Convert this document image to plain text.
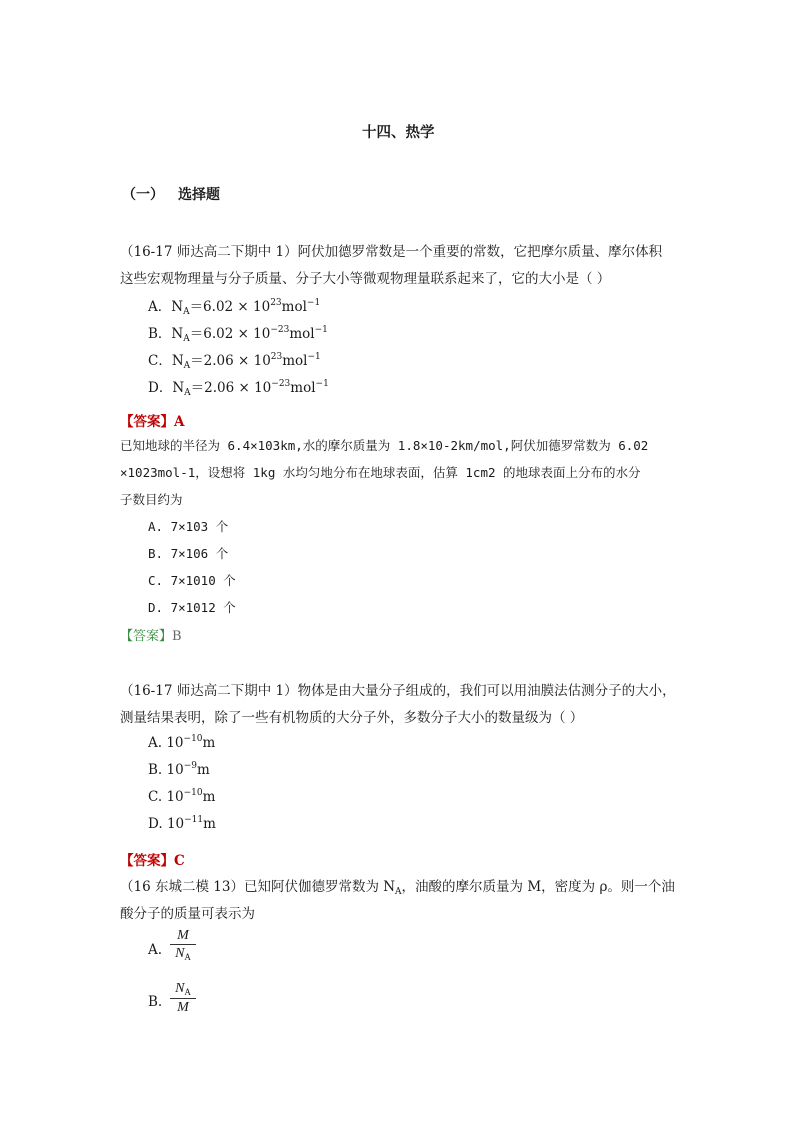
十四、热学
（一） 选择题
（16-17 师达高二下期中 1）阿伏加德罗常数是一个重要的常数，它把摩尔质量、摩尔体积
这些宏观物理量与分子质量、分子大小等微观物理量联系起来了，它的大小是（ ）
A．$N_A=6.02 \times 10^{23}mol^{-1}$
B．$N_A=6.02 \times 10^{-23}mol^{-1}$
C．$N_A=2.06 \times 10^{23}mol^{-1}$
D．$N_A=2.06 \times 10^{-23}mol^{-1}$
【答案】A
已知地球的半径为 6.4×103km,水的摩尔质量为 1.8×10-2km/mol,阿伏加德罗常数为 6.02
×1023mol-1，设想将 1kg 水均匀地分布在地球表面，估算 1cm2 的地球表面上分布的水分
子数目约为
A. 7×103 个
B. 7×106 个
C. 7×1010 个
D. 7×1012 个
【答案】B
（16-17 师达高二下期中 1）物体是由大量分子组成的，我们可以用油膜法估测分子的大小，
测量结果表明，除了一些有机物质的大分子外，多数分子大小的数量级为（ ）
A. $10^{-10}m$
B. $10^{-9}m$
C. $10^{-10}m$
D. $10^{-11}m$
【答案】C
（16 东城二模 13）已知阿伏伽德罗常数为 $N_A$，油酸的摩尔质量为 M，密度为 ρ。则一个油
酸分子的质量可表示为
A.
M
$N_A$
B.
$N_A$
M
